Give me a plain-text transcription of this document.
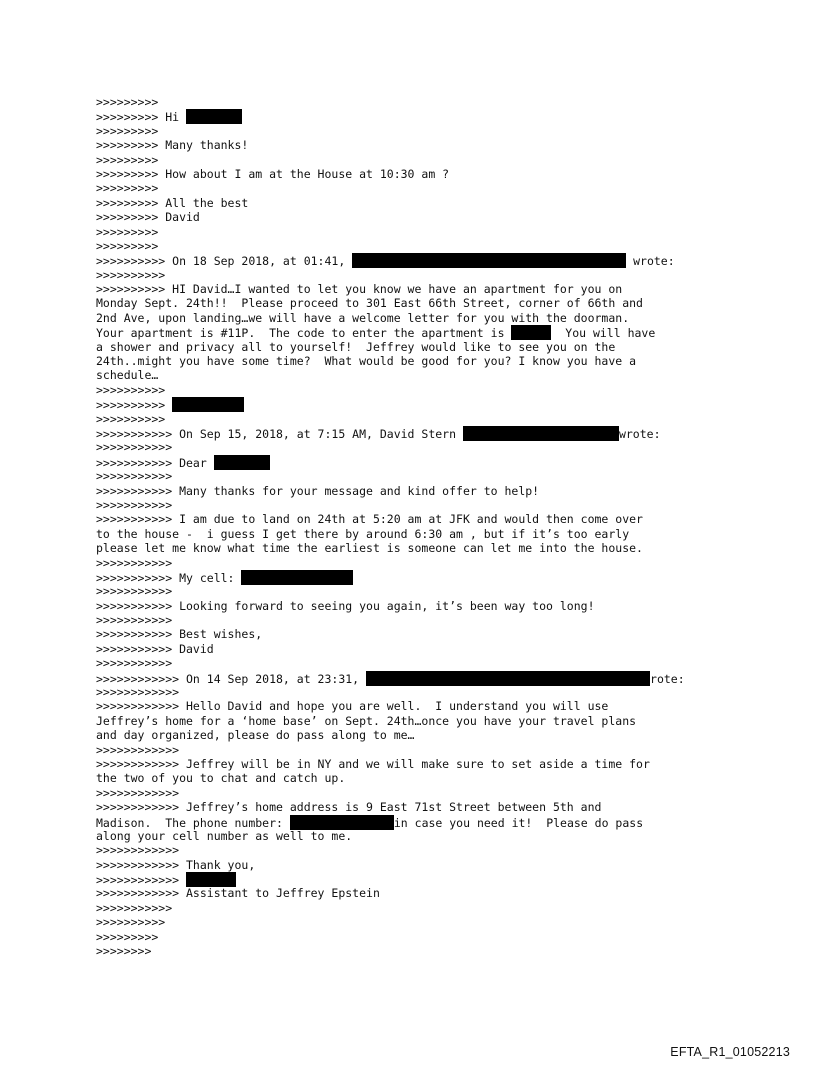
>>>>>>>>>
>>>>>>>>> Hi
>>>>>>>>>
>>>>>>>>> Many thanks!
>>>>>>>>>
>>>>>>>>> How about I am at the House at 10:30 am ?
>>>>>>>>>
>>>>>>>>> All the best
>>>>>>>>> David
>>>>>>>>>
>>>>>>>>>
>>>>>>>>>> On 18 Sep 2018, at 01:41,	wrote:
>>>>>>>>>>
>>>>>>>>>> HI David…I wanted to let you know we have an apartment for you on
Monday Sept. 24th!!  Please proceed to 301 East 66th Street, corner of 66th and
2nd Ave, upon landing…we will have a welcome letter for you with the doorman.
Your apartment is #11P.  The code to enter the apartment is	You will have
a shower and privacy all to yourself!  Jeffrey would like to see you on the
24th..might you have some time?  What would be good for you? I know you have a
schedule…
>>>>>>>>>>
>>>>>>>>>>
>>>>>>>>>>
>>>>>>>>>>> On Sep 15, 2018, at 7:15 AM, David Stern	wrote:
>>>>>>>>>>>
>>>>>>>>>>> Dear
>>>>>>>>>>>
>>>>>>>>>>> Many thanks for your message and kind offer to help!
>>>>>>>>>>>
>>>>>>>>>>> I am due to land on 24th at 5:20 am at JFK and would then come over
to the house -  i guess I get there by around 6:30 am , but if it’s too early
please let me know what time the earliest is someone can let me into the house.
>>>>>>>>>>>
>>>>>>>>>>> My cell:
>>>>>>>>>>>
>>>>>>>>>>> Looking forward to seeing you again, it’s been way too long!
>>>>>>>>>>>
>>>>>>>>>>> Best wishes,
>>>>>>>>>>> David
>>>>>>>>>>>
>>>>>>>>>>>> On 14 Sep 2018, at 23:31,	rote:
>>>>>>>>>>>>
>>>>>>>>>>>> Hello David and hope you are well.  I understand you will use
Jeffrey’s home for a ‘home base’ on Sept. 24th…once you have your travel plans
and day organized, please do pass along to me…
>>>>>>>>>>>>
>>>>>>>>>>>> Jeffrey will be in NY and we will make sure to set aside a time for
the two of you to chat and catch up.
>>>>>>>>>>>>
>>>>>>>>>>>> Jeffrey’s home address is 9 East 71st Street between 5th and
Madison.  The phone number:	in case you need it!  Please do pass
along your cell number as well to me.
>>>>>>>>>>>>
>>>>>>>>>>>> Thank you,
>>>>>>>>>>>>
>>>>>>>>>>>> Assistant to Jeffrey Epstein
>>>>>>>>>>>
>>>>>>>>>>
>>>>>>>>>
>>>>>>>>
EFTA_R1_01052213
